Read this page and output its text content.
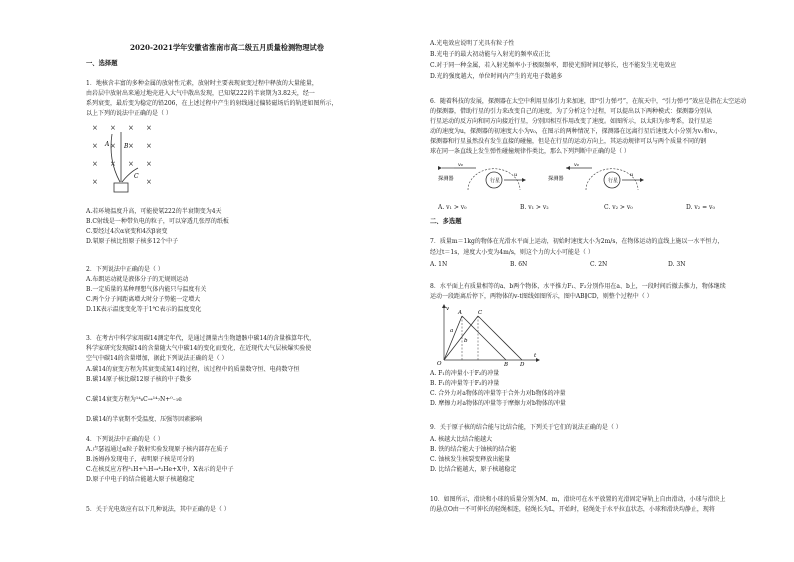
2020-2021学年安徽省淮南市高二级五月质量检测物理试卷
一、选择题
1．地核含丰富的多种金属的放射性元素，放射时主要表现衰变过程中释放的大量能量，
由岩层中放射出来通过地壳进入大气中散出发现，已知氡222的半衰期为3.82天，经一
系列衰变，最后变为稳定的铅206，在上述过程中产生的射线通过偏转磁场后的轨迹如图所示，
以上下列的说法中正确的是（ ）
× × × ×
× × × ×
× × × ×
×	×
A B
C
A.若环境温度升高，可能使氡222的半衰期变为4天
B.C射线是一种带负电的粒子，可以穿透几张厚的纸板
C.要经过4次α衰变和4次β衰变
D.氡原子核比铅原子核多12个中子
2．下列说法中正确的是（ ）
A.布朗运动就是液体分子的无规则运动
B.一定质量的某种理想气体内能只与温度有关
C.两个分子间距离增大时分子势能一定增大
D.1K表示温度变化等于1℃表示的温度变化
3．在考古中科学家用碳14测定年代，是通过测量古生物遗骸中碳14的含量推算年代，
科学家研究发现碳14的含量随大气中碳14的变化而变化，在近现代大气层核爆实验使
空气中碳14的含量增加，据此下列说法正确的是（ ）
A.碳14的衰变方程为其衰变成氮14的过程，该过程中的质量数守恒、电荷数守恒
B.碳14原子核比碳12原子核的中子数多
C.碳14衰变方程为¹⁴₆C→¹⁴₇N+⁰₋₁e
D.碳14的半衰期不受温度、压强等因素影响
4．下列说法中正确的是（ ）
A.卢瑟福通过α粒子散射实验发现原子核内部存在质子
B.汤姆孙发现电子，表明原子核是可分的
C.在核反应方程²₁H+³₁H→⁴₂He+X中，X表示的是中子
D.原子中电子的结合能越大原子核越稳定
5．关于光电效应有以下几种说法，其中正确的是（ ）
A.光电效应说明了光具有粒子性
B.光电子的最大初动能与入射光的频率成正比
C.对于同一种金属，若入射光频率小于极限频率，即使光照时间足够长，也不能发生光电效应
D.光的强度越大，单位时间内产生的光电子数越多
6．随着科技的发展，探测器在太空中利用星体引力来加速，即“引力弹弓”，在航天中，“引力弹弓”效应是指在太空运动
的探测器，借助行星的引力来改变自己的速度，为了分析这个过程，可以提出以下两种模式：探测器分别从
行星运动的反方向和同方向接近行星，分别因相互作用改变了速度。如图所示，以太阳为参考系，设行星运
动的速度为u，探测器的初速度大小为v₀，在图示的两种情况下，探测器在远离行星后速度大小分别为v₁和v₂，
探测器和行星虽然没有发生直接的碰撞，但是在行星的运动方向上，其运动规律可以与两个质量不同的钢
球在同一条直线上发生弹性碰撞规律作类比，那么下列判断中正确的是（ ）
探测器
v₀
行星
u
探测器
v₀
行星
u
A. v₁ > v₀	B. v₁ > v₂	C. v₂ > v₀	D. v₂ = v₀
二、多选题
7．质量m＝1kg的物体在光滑水平面上运动，初始时速度大小为2m/s，在物体运动的直线上施以一水平恒力，
经过t＝1s，速度大小变为4m/s，则这个力的大小可能是（ ）
A. 1N	B. 6N	C. 2N	D. 3N
8．水平面上有质量相等的a、b两个物体，水平推力F₁、F₂分别作用在a、b上，一段时间后撤去推力，物体继续
运动一段距离后停下，两物体的v-t图线如图所示，图中AB∥CD，则整个过程中（ ）
v
t
O
A	C
B D
a
b
A. F₁的冲量小于F₂的冲量
B. F₁的冲量等于F₂的冲量
C. 合外力对a物体的冲量等于合外力对b物体的冲量
D. 摩擦力对a物体的冲量等于摩擦力对b物体的冲量
9．关于原子核的结合能与比结合能，下列关于它们的说法正确的是（ ）
A. 核越大比结合能越大
B. 铁的结合能大于铀核的结合能
C. 铀核发生核裂变释放出能量
D. 比结合能越大，原子核越稳定
10．如图所示，滑块和小球的质量分别为M、m，滑块可在水平放置的光滑固定导轨上自由滑动，小球与滑块上
的悬点O由一不可伸长的轻绳相连，轻绳长为L，开始时，轻绳处于水平拉直状态，小球和滑块均静止，现将
